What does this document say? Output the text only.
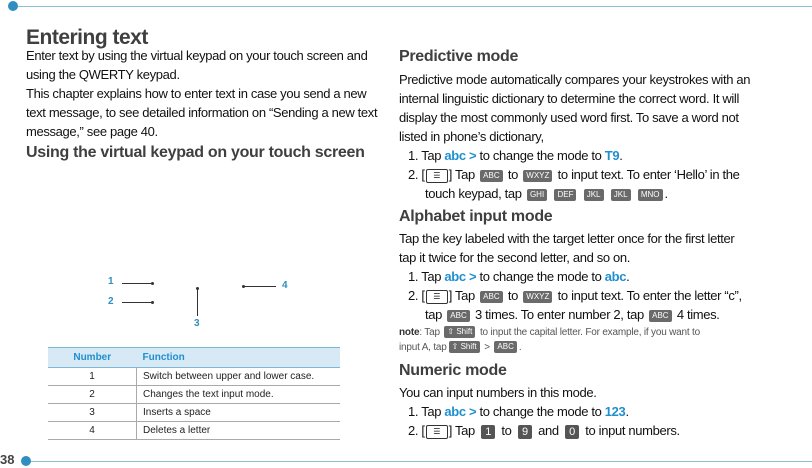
38
Entering text
Enter text by using the virtual keypad on your touch screen and
using the QWERTY keypad.
This chapter explains how to enter text in case you send a new
text message, to see detailed information on “Sending a new text
message,” see page 40.
Using the virtual keypad on your touch screen
1
2
3
4
Number	Function
1	Switch between upper and lower case.
2	Changes the text input mode.
3	Inserts a space
4	Deletes a letter
Predictive mode
Predictive mode automatically compares your keystrokes with an
internal linguistic dictionary to determine the correct word. It will
display the most commonly used word first. To save a word not
listed in phone’s dictionary,
1. Tap abc > to change the mode to T9.
2. [ ☰ ] Tap ABC to WXYZ to input text. To enter ‘Hello’ in the
touch keypad, tap GHI DEF JKL JKL MNO .
Alphabet input mode
Tap the key labeled with the target letter once for the first letter
tap it twice for the second letter, and so on.
1. Tap abc > to change the mode to abc.
2. [ ☰ ] Tap ABC to WXYZ to input text. To enter the letter “c”,
tap ABC 3 times. To enter number 2, tap ABC 4 times.
note: Tap ⇧ Shift to input the capital letter. For example, if you want to
input A, tap ⇧ Shift > ABC .
Numeric mode
You can input numbers in this mode.
1. Tap abc > to change the mode to 123.
2. [ ☰ ] Tap 1 to 9 and 0 to input numbers.
